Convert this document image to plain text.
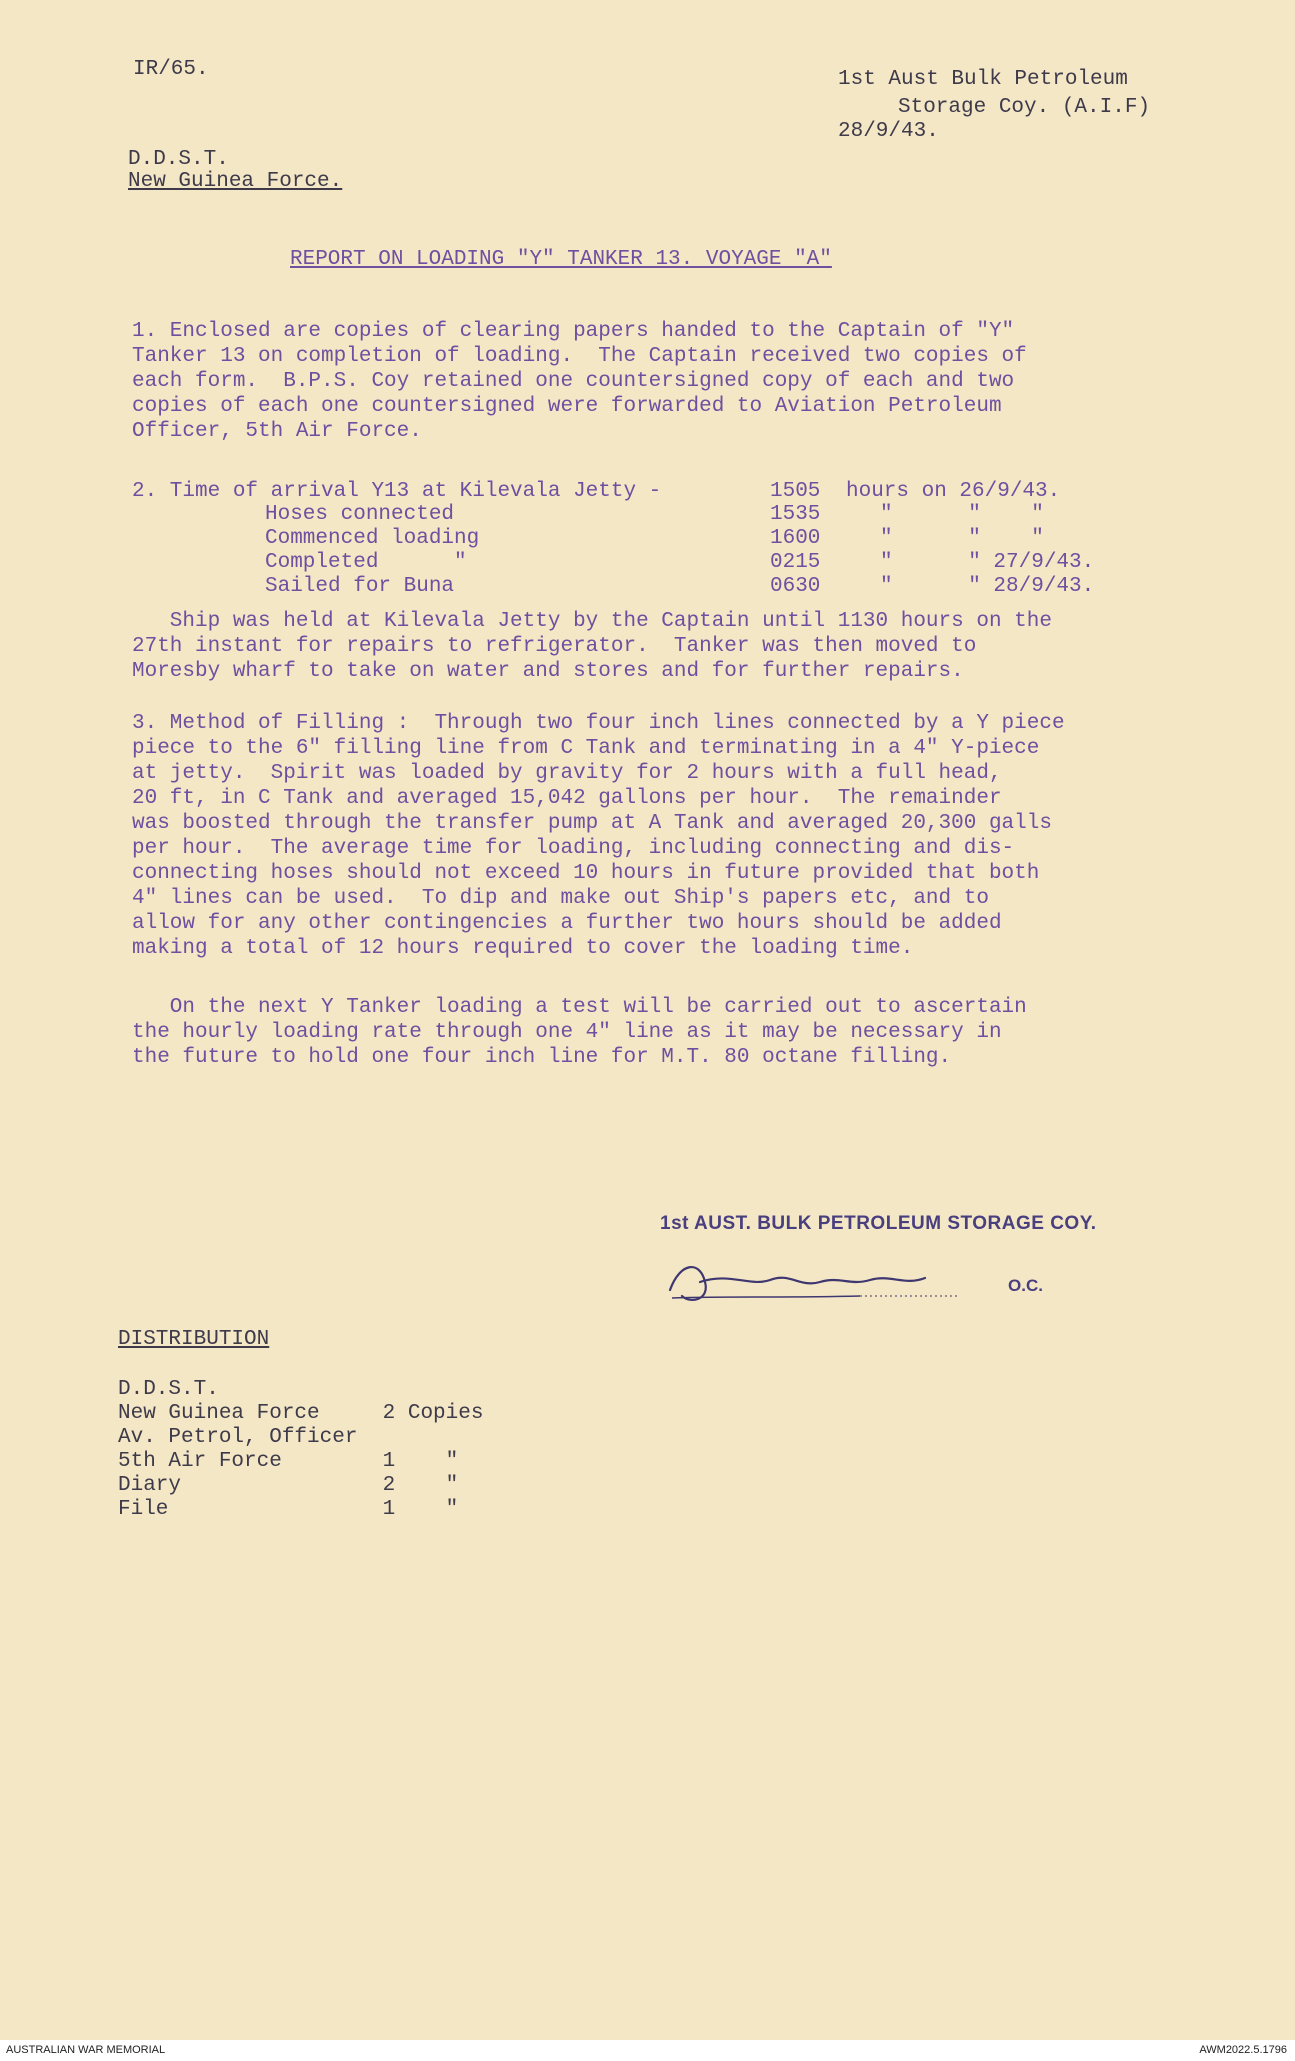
IR/65.	1st Aust Bulk Petroleum
Storage Coy. (A.I.F)
28/9/43.
D.D.S.T.
New Guinea Force.
REPORT ON LOADING "Y" TANKER 13. VOYAGE "A"
1. Enclosed are copies of clearing papers handed to the Captain of "Y"
Tanker 13 on completion of loading.  The Captain received two copies of
each form.  B.P.S. Coy retained one countersigned copy of each and two
copies of each one countersigned were forwarded to Aviation Petroleum
Officer, 5th Air Force.
2. Time of arrival Y13 at Kilevala Jetty -	1505 hours on 26/9/43.
Hoses connected	1535	"      "    "
Commenced loading	1600	"      "    "
Completed      "	0215	"      " 27/9/43.
Sailed for Buna	0630	"      " 28/9/43.
Ship was held at Kilevala Jetty by the Captain until 1130 hours on the
27th instant for repairs to refrigerator.  Tanker was then moved to
Moresby wharf to take on water and stores and for further repairs.
3. Method of Filling :  Through two four inch lines connected by a Y piece
piece to the 6" filling line from C Tank and terminating in a 4" Y-piece
at jetty.  Spirit was loaded by gravity for 2 hours with a full head,
20 ft, in C Tank and averaged 15,042 gallons per hour.  The remainder
was boosted through the transfer pump at A Tank and averaged 20,300 galls
per hour.  The average time for loading, including connecting and dis-
connecting hoses should not exceed 10 hours in future provided that both
4" lines can be used.  To dip and make out Ship's papers etc, and to
allow for any other contingencies a further two hours should be added
making a total of 12 hours required to cover the loading time.
On the next Y Tanker loading a test will be carried out to ascertain
the hourly loading rate through one 4" line as it may be necessary in
the future to hold one four inch line for M.T. 80 octane filling.
1st AUST. BULK PETROLEUM STORAGE COY.
O.C.
DISTRIBUTION
D.D.S.T.
New Guinea Force     2 Copies
Av. Petrol, Officer
5th Air Force        1    "
Diary                2    "
File                 1    "
AUSTRALIAN WAR MEMORIAL	AWM2022.5.1796
